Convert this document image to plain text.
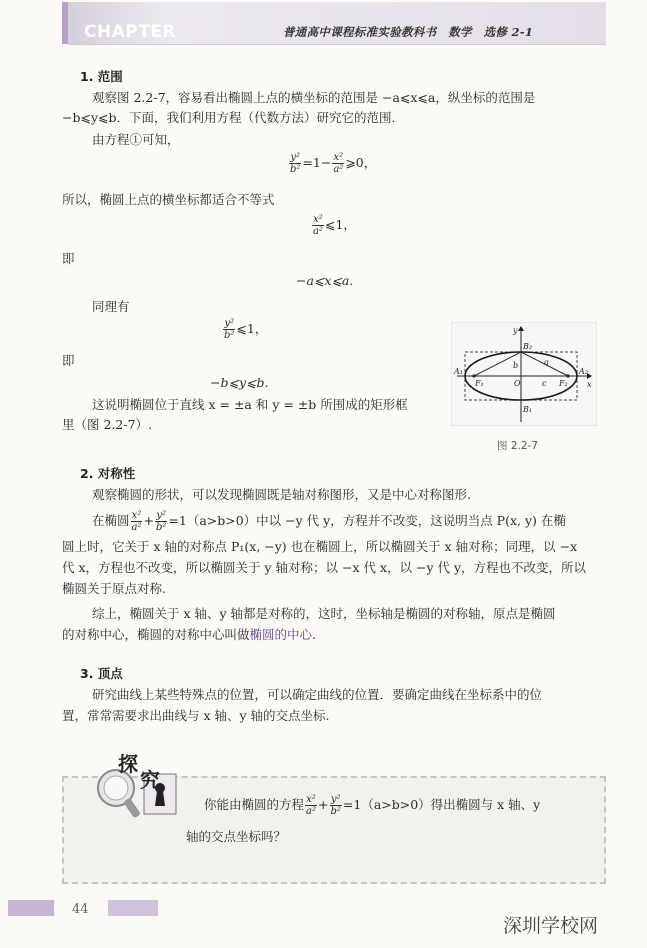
CHAPTER	普通高中课程标准实验教科书　数学　选修 2-1
1. 范围
观察图 2.2-7，容易看出椭圆上点的横坐标的范围是 −a⩽x⩽a，纵坐标的范围是
−b⩽y⩽b．下面，我们利用方程（代数方法）研究它的范围．
由方程①可知，
$\frac{\text{y²}}{\text{b²}} =1- \frac{\text{x²}}{\text{a²}}$ ⩾0，
所以，椭圆上点的横坐标都适合不等式
$\frac{\text{x²}}{\text{a²}}$ ⩽1，
即
−a⩽x⩽a.
同理有
$\frac{\text{y²}}{\text{b²}}$ ⩽1，
即
−b⩽y⩽b.
这说明椭圆位于直线 x = ±a 和 y = ±b 所围成的矩形框
里（图 2.2-7）.
y
x
B₂
B₁
A₁	A₂
F₁	F₂
O
b	a
c
图 2.2-7
2. 对称性
观察椭圆的形状，可以发现椭圆既是轴对称图形，又是中心对称图形.
在椭圆 $\frac{\text{x²}}{\text{a²}} + \frac{\text{y²}}{\text{b²}} =1(a>b>0)$中以 −y 代 y，方程并不改变，这说明当点 P(x, y) 在椭
圆上时，它关于 x 轴的对称点 P₁(x, −y) 也在椭圆上，所以椭圆关于 x 轴对称；同理，以 −x
代 x，方程也不改变，所以椭圆关于 y 轴对称；以 −x 代 x，以 −y 代 y，方程也不改变，所以
椭圆关于原点对称.
综上，椭圆关于 x 轴、y 轴都是对称的，这时，坐标轴是椭圆的对称轴，原点是椭圆
的对称中心，椭圆的对称中心叫做椭圆的中心.
3. 顶点
研究曲线上某些特殊点的位置，可以确定曲线的位置．要确定曲线在坐标系中的位
置，常常需要求出曲线与 x 轴、y 轴的交点坐标.
探
究
你能由椭圆的方程 $\frac{\text{x²}}{\text{a²}} + \frac{\text{y²}}{\text{b²}} =1(a>b>0)$得出椭圆与 x 轴、y
轴的交点坐标吗？
44
深圳学校网
